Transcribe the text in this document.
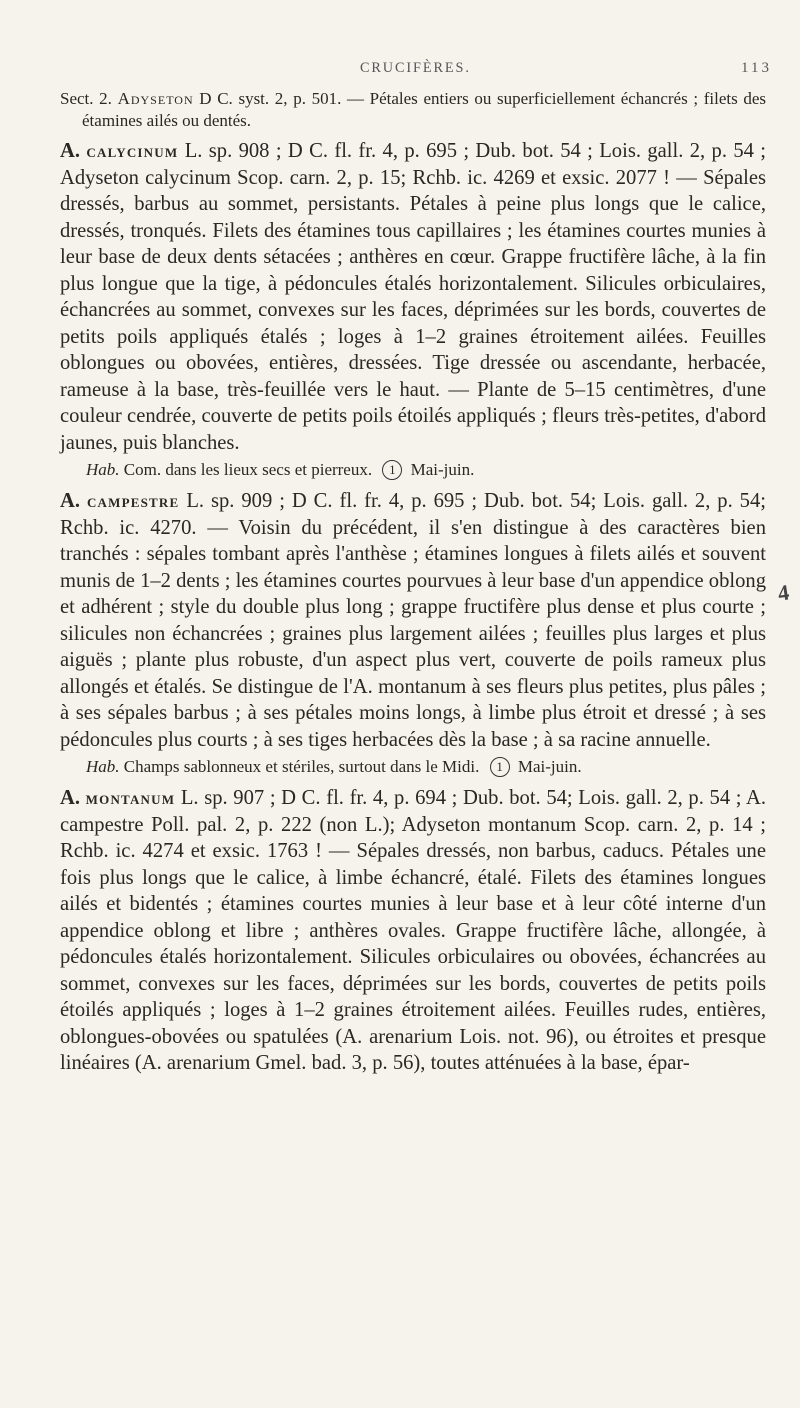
CRUCIFÈRES.	113

Sect. 2. Adyseton D C. syst. 2, p. 501. — Pétales entiers ou superficiellement échancrés ; filets des étamines ailés ou dentés.

A. calycinum L. sp. 908 ; D C. fl. fr. 4, p. 695 ; Dub. bot. 54 ; Lois. gall. 2, p. 54 ; Adyseton calycinum Scop. carn. 2, p. 15; Rchb. ic. 4269 et exsic. 2077 ! — Sépales dressés, barbus au sommet, persistants. Pétales à peine plus longs que le calice, dressés, tronqués. Filets des étamines tous capillaires ; les étamines courtes munies à leur base de deux dents sétacées ; anthères en cœur. Grappe fructifère lâche, à la fin plus longue que la tige, à pédoncules étalés horizontalement. Silicules orbiculaires, échancrées au sommet, convexes sur les faces, déprimées sur les bords, couvertes de petits poils appliqués étalés ; loges à 1–2 graines étroitement ailées. Feuilles oblongues ou obovées, entières, dressées. Tige dressée ou ascendante, herbacée, rameuse à la base, très-feuillée vers le haut. — Plante de 5–15 centimètres, d'une couleur cendrée, couverte de petits poils étoilés appliqués ; fleurs très-petites, d'abord jaunes, puis blanches.

Hab. Com. dans les lieux secs et pierreux. 1 Mai-juin.

A. campestre L. sp. 909 ; D C. fl. fr. 4, p. 695 ; Dub. bot. 54; Lois. gall. 2, p. 54; Rchb. ic. 4270. — Voisin du précédent, il s'en distingue à des caractères bien tranchés : sépales tombant après l'anthèse ; étamines longues à filets ailés et souvent munis de 1–2 dents ; les étamines courtes pourvues à leur base d'un appendice oblong et adhérent ; style du double plus long ; grappe fructifère plus dense et plus courte ; silicules non échancrées ; graines plus largement ailées ; feuilles plus larges et plus aiguës ; plante plus robuste, d'un aspect plus vert, couverte de poils rameux plus allongés et étalés. Se distingue de l'A. montanum à ses fleurs plus petites, plus pâles ; à ses sépales barbus ; à ses pétales moins longs, à limbe plus étroit et dressé ; à ses pédoncules plus courts ; à ses tiges herbacées dès la base ; à sa racine annuelle.

Hab. Champs sablonneux et stériles, surtout dans le Midi. 1 Mai-juin.

A. montanum L. sp. 907 ; D C. fl. fr. 4, p. 694 ; Dub. bot. 54; Lois. gall. 2, p. 54 ; A. campestre Poll. pal. 2, p. 222 (non L.); Adyseton montanum Scop. carn. 2, p. 14 ; Rchb. ic. 4274 et exsic. 1763 ! — Sépales dressés, non barbus, caducs. Pétales une fois plus longs que le calice, à limbe échancré, étalé. Filets des étamines longues ailés et bidentés ; étamines courtes munies à leur base et à leur côté interne d'un appendice oblong et libre ; anthères ovales. Grappe fructifère lâche, allongée, à pédoncules étalés horizontalement. Silicules orbiculaires ou obovées, échancrées au sommet, convexes sur les faces, déprimées sur les bords, couvertes de petits poils étoilés appliqués ; loges à 1–2 graines étroitement ailées. Feuilles rudes, entières, oblongues-obovées ou spatulées (A. arenarium Lois. not. 96), ou étroites et presque linéaires (A. arenarium Gmel. bad. 3, p. 56), toutes atténuées à la base, épar-

4
